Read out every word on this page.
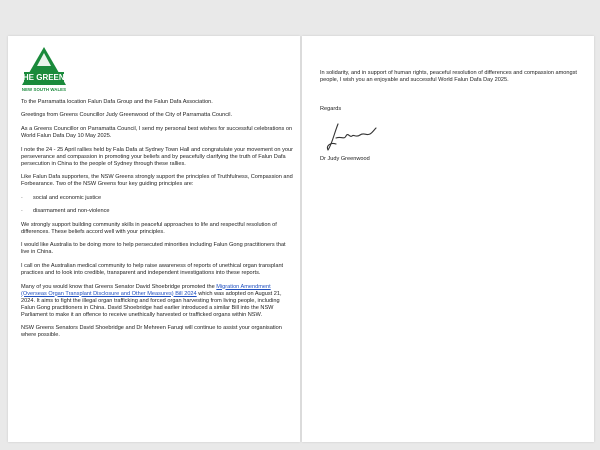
THE GREENS
NEW SOUTH WALES

To the Parramatta location Falun Dafa Group and the Falun Dafa Association.

Greetings from Greens Councillor Judy Greenwood of the City of Parramatta Council.

As a Greens Councillor on Parramatta Council, I send my personal best wishes for successful celebrations on World Falun Dafa Day 10 May 2025.

I note the 24 - 25 April rallies held by Fala Dafa at Sydney Town Hall and congratulate your movement on your perseverance and compassion in promoting your beliefs and by peacefully clarifying the truth of Falun Dafa persecution in China to the people of Sydney through these rallies.

Like Falun Dafa supporters, the NSW Greens strongly support the principles of Truthfulness, Compassion and Forbearance. Two of the NSW Greens four key guiding principles are:

·	social and economic justice
·	disarmament and non-violence

We strongly support building community skills in peaceful approaches to life and respectful resolution of differences. These beliefs accord well with your principles.

I would like Australia to be doing more to help persecuted minorities including Falun Gong practitioners that live in China.

I call on the Australian medical community to help raise awareness of reports of unethical organ transplant practices and to look into credible, transparent and independent investigations into these reports.

Many of you would know that Greens Senator David Shoebridge promoted the Migration Amendment (Overseas Organ Transplant Disclosure and Other Measures) Bill 2024 which was adopted on August 21, 2024. It aims to fight the illegal organ trafficking and forced organ harvesting from living people, including Falun Gong practitioners in China. David Shoebridge had earlier introduced a similar Bill into the NSW Parliament to make it an offence to receive unethically harvested or trafficked organs within NSW.

NSW Greens Senators David Shoebridge and Dr Mehreen Faruqi will continue to assist your organisation where possible.

In solidarity, and in support of human rights, peaceful resolution of differences and compassion amongst people, I wish you an enjoyable and successful World Falun Dafa Day 2025.

Regards

Dr Judy Greenwood
